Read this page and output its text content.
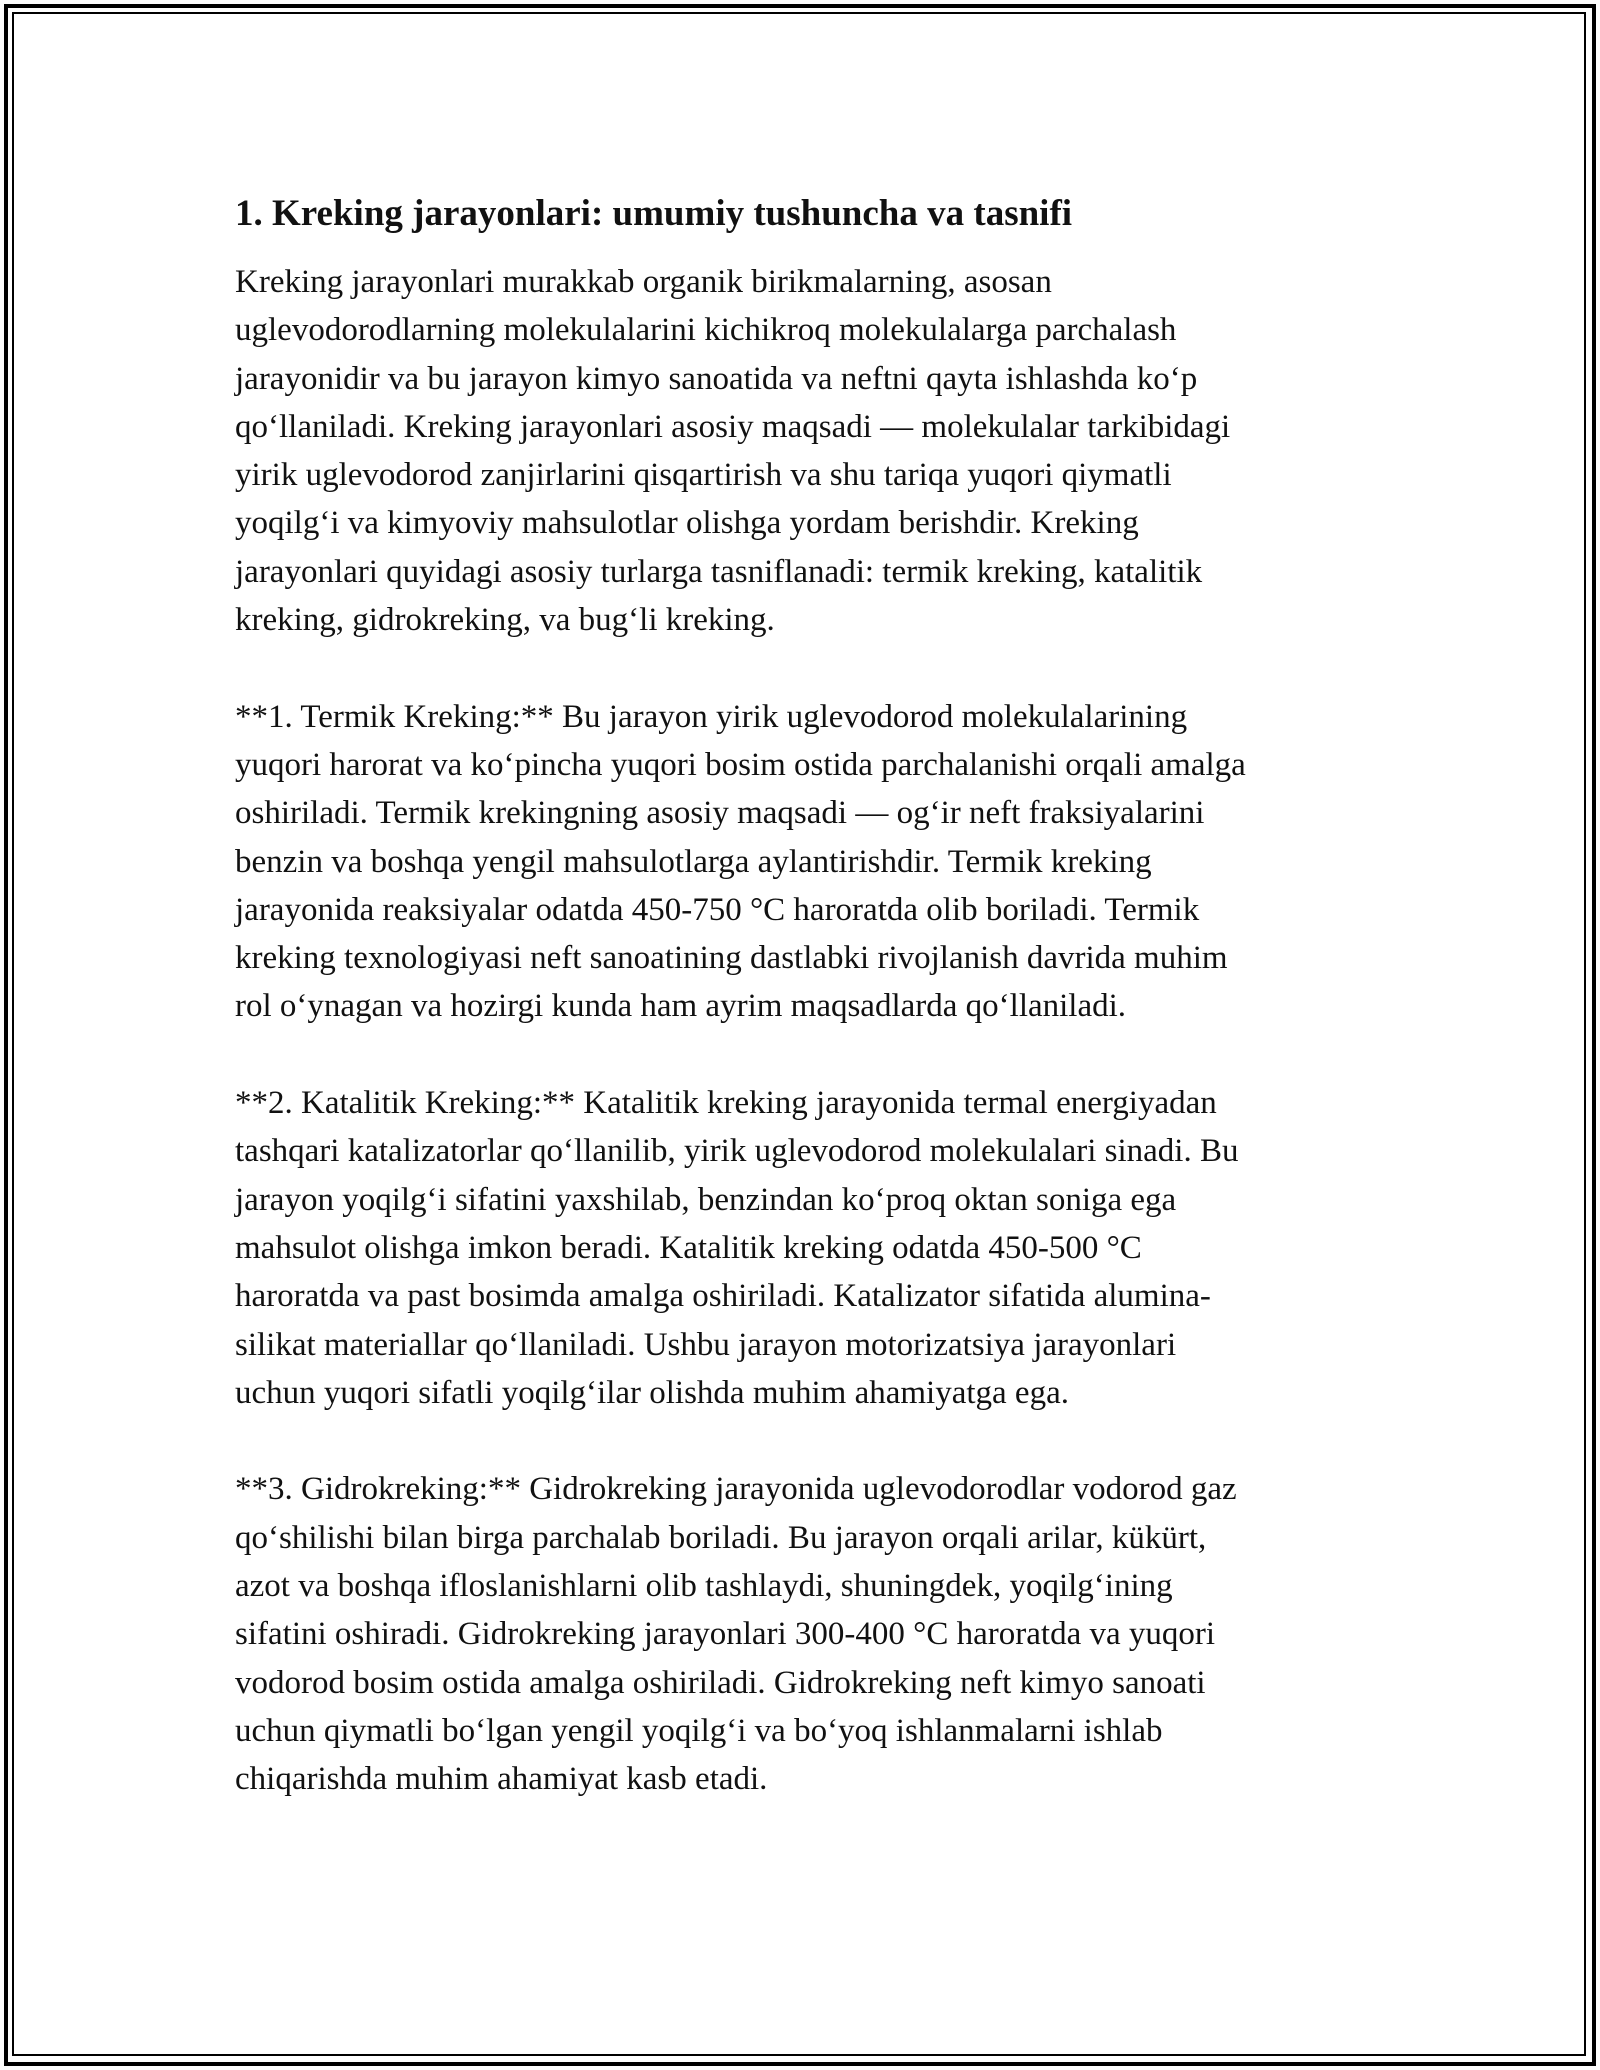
1. Kreking jarayonlari: umumiy tushuncha va tasnifi

Kreking jarayonlari murakkab organik birikmalarning, asosan
uglevodorodlarning molekulalarini kichikroq molekulalarga parchalash
jarayonidir va bu jarayon kimyo sanoatida va neftni qayta ishlashda ko‘p
qo‘llaniladi. Kreking jarayonlari asosiy maqsadi — molekulalar tarkibidagi
yirik uglevodorod zanjirlarini qisqartirish va shu tariqa yuqori qiymatli
yoqilg‘i va kimyoviy mahsulotlar olishga yordam berishdir. Kreking
jarayonlari quyidagi asosiy turlarga tasniflanadi: termik kreking, katalitik
kreking, gidrokreking, va bug‘li kreking.

**1. Termik Kreking:** Bu jarayon yirik uglevodorod molekulalarining
yuqori harorat va ko‘pincha yuqori bosim ostida parchalanishi orqali amalga
oshiriladi. Termik krekingning asosiy maqsadi — og‘ir neft fraksiyalarini
benzin va boshqa yengil mahsulotlarga aylantirishdir. Termik kreking
jarayonida reaksiyalar odatda 450-750 °C haroratda olib boriladi. Termik
kreking texnologiyasi neft sanoatining dastlabki rivojlanish davrida muhim
rol o‘ynagan va hozirgi kunda ham ayrim maqsadlarda qo‘llaniladi.

**2. Katalitik Kreking:** Katalitik kreking jarayonida termal energiyadan
tashqari katalizatorlar qo‘llanilib, yirik uglevodorod molekulalari sinadi. Bu
jarayon yoqilg‘i sifatini yaxshilab, benzindan ko‘proq oktan soniga ega
mahsulot olishga imkon beradi. Katalitik kreking odatda 450-500 °C
haroratda va past bosimda amalga oshiriladi. Katalizator sifatida alumina-
silikat materiallar qo‘llaniladi. Ushbu jarayon motorizatsiya jarayonlari
uchun yuqori sifatli yoqilg‘ilar olishda muhim ahamiyatga ega.

**3. Gidrokreking:** Gidrokreking jarayonida uglevodorodlar vodorod gaz
qo‘shilishi bilan birga parchalab boriladi. Bu jarayon orqali arilar, kükürt,
azot va boshqa ifloslanishlarni olib tashlaydi, shuningdek, yoqilg‘ining
sifatini oshiradi. Gidrokreking jarayonlari 300-400 °C haroratda va yuqori
vodorod bosim ostida amalga oshiriladi. Gidrokreking neft kimyo sanoati
uchun qiymatli bo‘lgan yengil yoqilg‘i va bo‘yoq ishlanmalarni ishlab
chiqarishda muhim ahamiyat kasb etadi.
